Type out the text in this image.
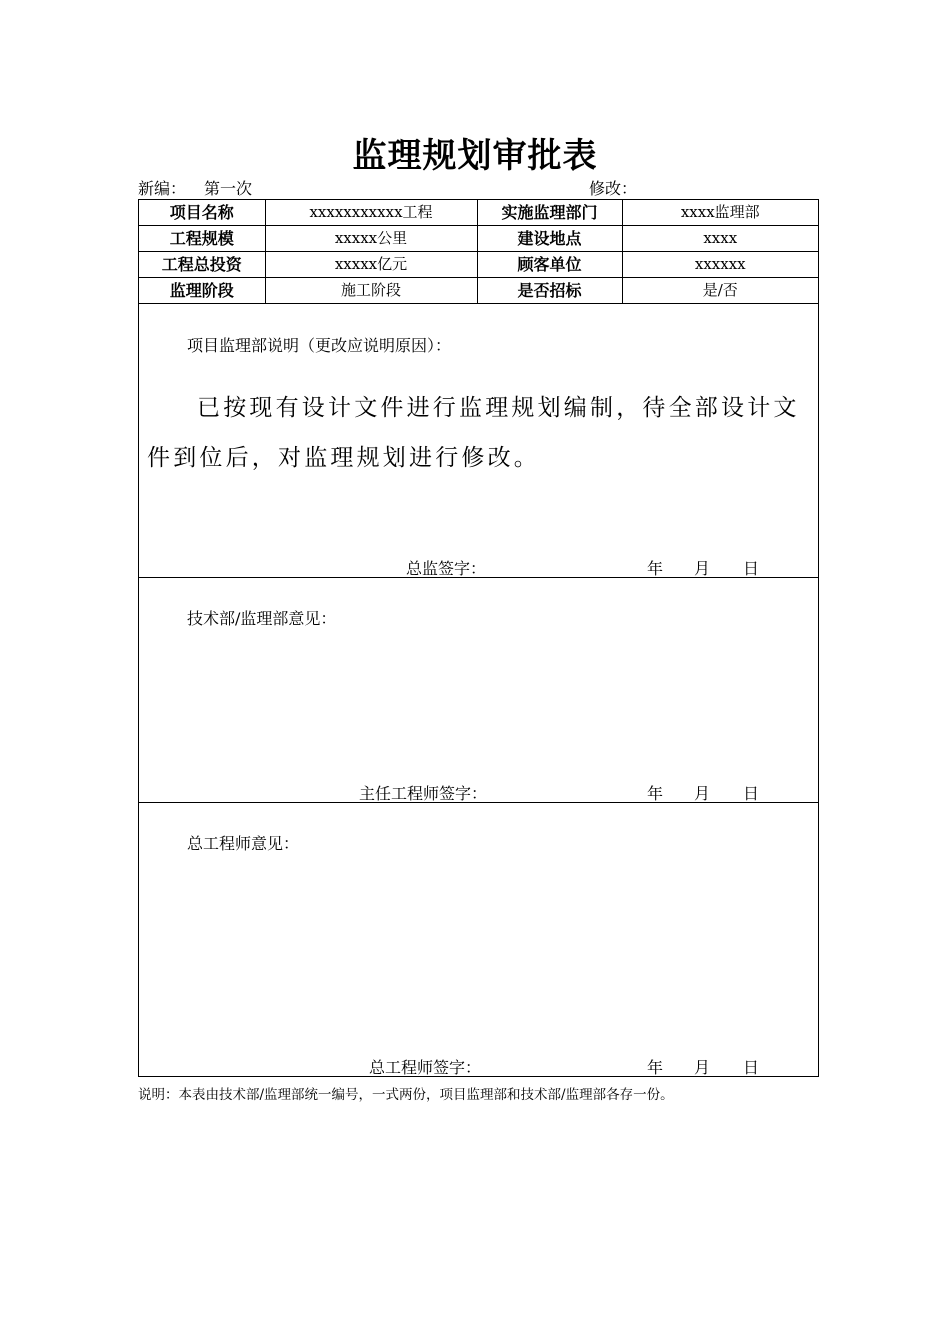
监理规划审批表
新编： 第一次	修改：
项目名称	xxxxxxxxxxx工程	实施监理部门	xxxx监理部
工程规模	xxxxx公里	建设地点	xxxx
工程总投资	xxxxx亿元	顾客单位	xxxxxx
监理阶段	施工阶段	是否招标	是/否
项目监理部说明（更改应说明原因）：
已按现有设计文件进行监理规划编制，待全部设计文件到位后，对监理规划进行修改。
总监签字：	年 月 日
技术部/监理部意见：
主任工程师签字：	年 月 日
总工程师意见：
总工程师签字：	年 月 日
说明：本表由技术部/监理部统一编号，一式两份，项目监理部和技术部/监理部各存一份。
